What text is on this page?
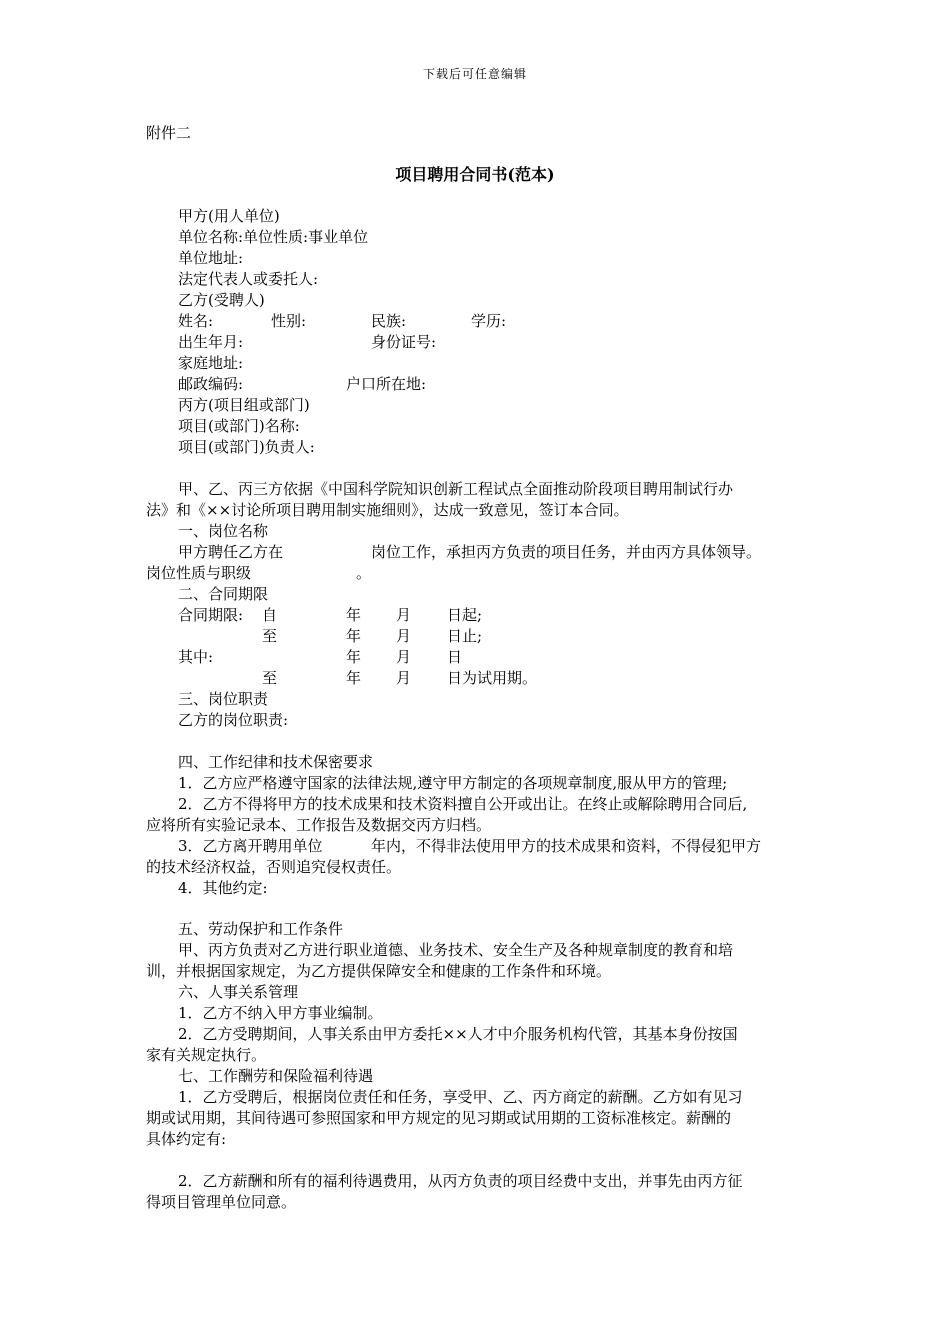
下载后可任意编辑
附件二
项目聘用合同书(范本)
甲方(用人单位)
单位名称:单位性质:事业单位
单位地址:
法定代表人或委托人:
乙方(受聘人)
姓名:	性别:	民族:	学历:
出生年月:	身份证号:
家庭地址:
邮政编码:	户口所在地:
丙方(项目组或部门)
项目(或部门)名称:
项目(或部门)负责人:
甲、乙、丙三方依据《中国科学院知识创新工程试点全面推动阶段项目聘用制试行办
法》和《××讨论所项目聘用制实施细则》，达成一致意见，签订本合同。
一、岗位名称
甲方聘任乙方在	岗位工作，承担丙方负责的项目任务，并由丙方具体领导。
岗位性质与职级	。
二、合同期限
合同期限: 自	年 月 日起;
至	年 月 日止;
其中:	年 月 日
至	年 月 日为试用期。
三、岗位职责
乙方的岗位职责:
四、工作纪律和技术保密要求
1．乙方应严格遵守国家的法律法规,遵守甲方制定的各项规章制度,服从甲方的管理;
2．乙方不得将甲方的技术成果和技术资料擅自公开或出让。在终止或解除聘用合同后,
应将所有实验记录本、工作报告及数据交丙方归档。
3．乙方离开聘用单位	年内，不得非法使用甲方的技术成果和资料，不得侵犯甲方
的技术经济权益，否则追究侵权责任。
4．其他约定:
五、劳动保护和工作条件
甲、丙方负责对乙方进行职业道德、业务技术、安全生产及各种规章制度的教育和培
训，并根据国家规定，为乙方提供保障安全和健康的工作条件和环境。
六、人事关系管理
1．乙方不纳入甲方事业编制。
2．乙方受聘期间，人事关系由甲方委托××人才中介服务机构代管，其基本身份按国
家有关规定执行。
七、工作酬劳和保险福利待遇
1．乙方受聘后，根据岗位责任和任务，享受甲、乙、丙方商定的薪酬。乙方如有见习
期或试用期，其间待遇可参照国家和甲方规定的见习期或试用期的工资标准核定。薪酬的
具体约定有:
2．乙方薪酬和所有的福利待遇费用，从丙方负责的项目经费中支出，并事先由丙方征
得项目管理单位同意。
